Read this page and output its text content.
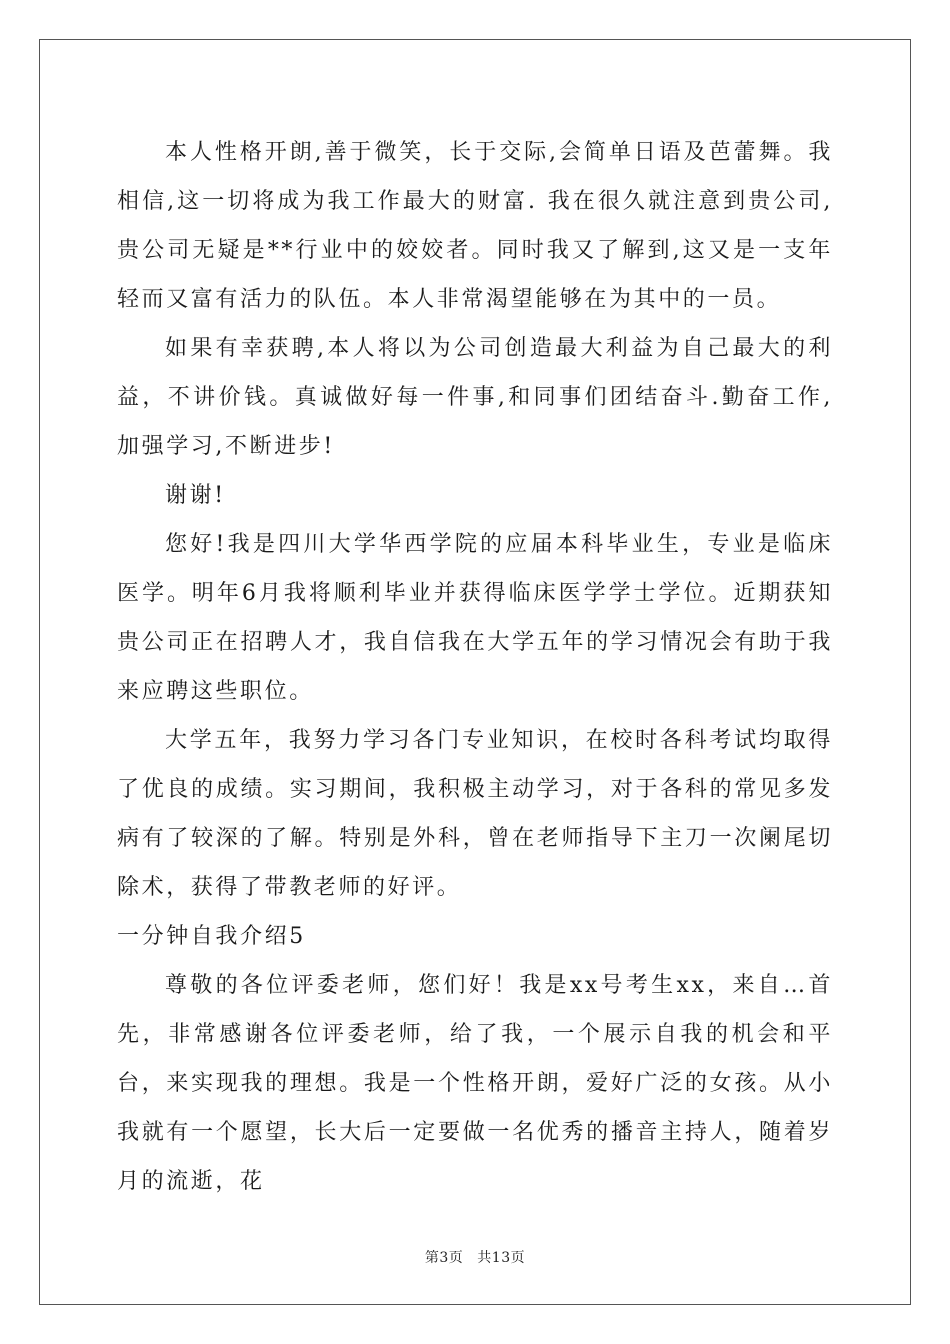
本人性格开朗,善于微笑，长于交际,会简单日语及芭蕾舞。我相信,这一切将成为我工作最大的财富. 我在很久就注意到贵公司,贵公司无疑是**行业中的姣姣者。同时我又了解到,这又是一支年轻而又富有活力的队伍。本人非常渴望能够在为其中的一员。

如果有幸获聘,本人将以为公司创造最大利益为自己最大的利益，不讲价钱。真诚做好每一件事,和同事们团结奋斗.勤奋工作,加强学习,不断进步!

谢谢!

您好!我是四川大学华西学院的应届本科毕业生，专业是临床医学。明年6月我将顺利毕业并获得临床医学学士学位。近期获知贵公司正在招聘人才，我自信我在大学五年的学习情况会有助于我来应聘这些职位。

大学五年，我努力学习各门专业知识，在校时各科考试均取得了优良的成绩。实习期间，我积极主动学习，对于各科的常见多发病有了较深的了解。特别是外科，曾在老师指导下主刀一次阑尾切除术，获得了带教老师的好评。

一分钟自我介绍5

尊敬的各位评委老师，您们好！我是xx号考生xx，来自…首先，非常感谢各位评委老师，给了我，一个展示自我的机会和平台，来实现我的理想。我是一个性格开朗，爱好广泛的女孩。从小我就有一个愿望，长大后一定要做一名优秀的播音主持人，随着岁月的流逝，花

第3页 共13页
